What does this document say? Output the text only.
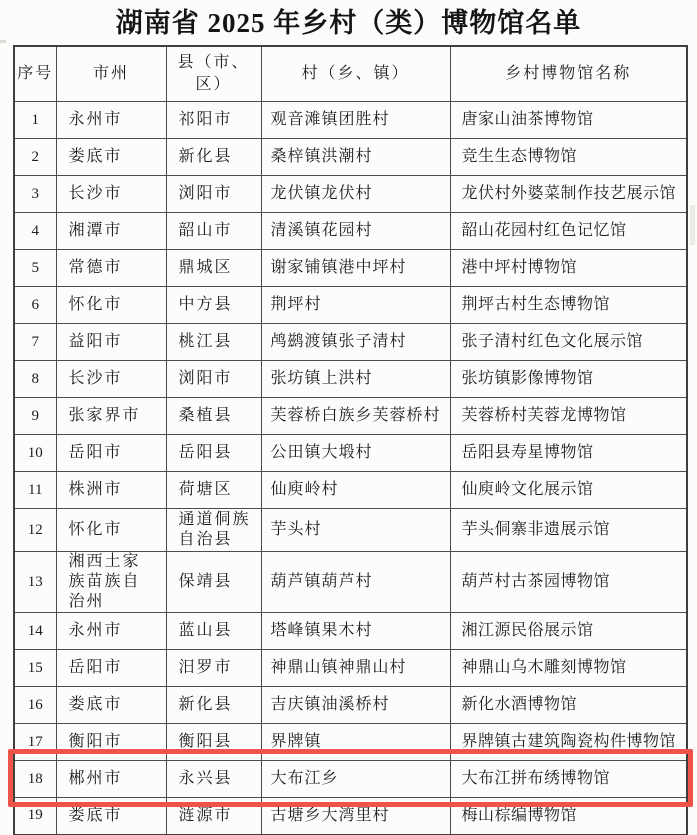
湖南省 2025 年乡村（类）博物馆名单
序号	市州	县（市、区）	村（乡、镇）	乡村博物馆名称
1	永州市	祁阳市	观音滩镇团胜村	唐家山油茶博物馆
2	娄底市	新化县	桑梓镇洪潮村	竞生生态博物馆
3	长沙市	浏阳市	龙伏镇龙伏村	龙伏村外婆菜制作技艺展示馆
4	湘潭市	韶山市	清溪镇花园村	韶山花园村红色记忆馆
5	常德市	鼎城区	谢家铺镇港中坪村	港中坪村博物馆
6	怀化市	中方县	荆坪村	荆坪古村生态博物馆
7	益阳市	桃江县	鸬鹚渡镇张子清村	张子清村红色文化展示馆
8	长沙市	浏阳市	张坊镇上洪村	张坊镇影像博物馆
9	张家界市	桑植县	芙蓉桥白族乡芙蓉桥村	芙蓉桥村芙蓉龙博物馆
10	岳阳市	岳阳县	公田镇大塅村	岳阳县寿星博物馆
11	株洲市	荷塘区	仙庾岭村	仙庾岭文化展示馆
12	怀化市	通道侗族自治县	芋头村	芋头侗寨非遗展示馆
13	湘西土家族苗族自治州	保靖县	葫芦镇葫芦村	葫芦村古茶园博物馆
14	永州市	蓝山县	塔峰镇果木村	湘江源民俗展示馆
15	岳阳市	汨罗市	神鼎山镇神鼎山村	神鼎山乌木雕刻博物馆
16	娄底市	新化县	吉庆镇油溪桥村	新化水酒博物馆
17	衡阳市	衡阳县	界牌镇	界牌镇古建筑陶瓷构件博物馆
18	郴州市	永兴县	大布江乡	大布江拼布绣博物馆
19	娄底市	涟源市	古塘乡大湾里村	梅山棕编博物馆
